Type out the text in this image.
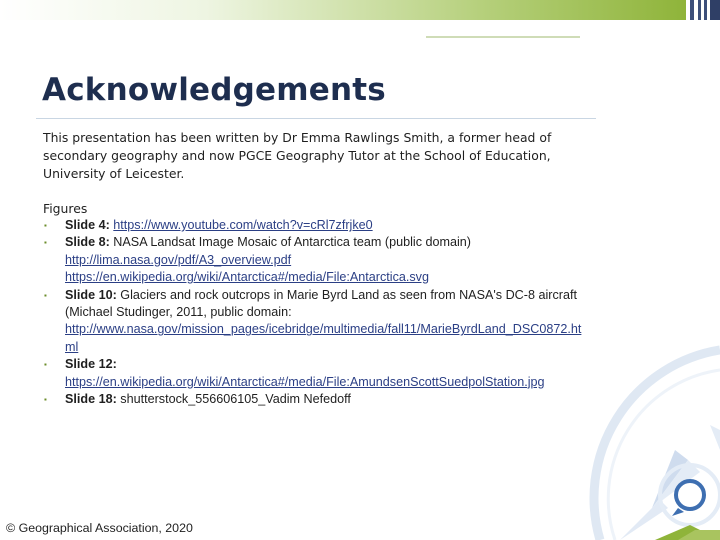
Acknowledgements

This presentation has been written by Dr Emma Rawlings Smith, a former head of secondary geography and now PGCE Geography Tutor at the School of Education, University of Leicester.

Figures

▪ Slide 4: https://www.youtube.com/watch?v=cRl7zfrjke0
▪ Slide 8: NASA Landsat Image Mosaic of Antarctica team (public domain)
http://lima.nasa.gov/pdf/A3_overview.pdf
https://en.wikipedia.org/wiki/Antarctica#/media/File:Antarctica.svg
▪ Slide 10: Glaciers and rock outcrops in Marie Byrd Land as seen from NASA's DC-8 aircraft (Michael Studinger, 2011, public domain:
http://www.nasa.gov/mission_pages/icebridge/multimedia/fall11/MarieByrdLand_DSC0872.html
▪ Slide 12:
https://en.wikipedia.org/wiki/Antarctica#/media/File:AmundsenScottSuedpolStation.jpg
▪ Slide 18: shutterstock_556606105_Vadim Nefedoff

© Geographical Association, 2020
